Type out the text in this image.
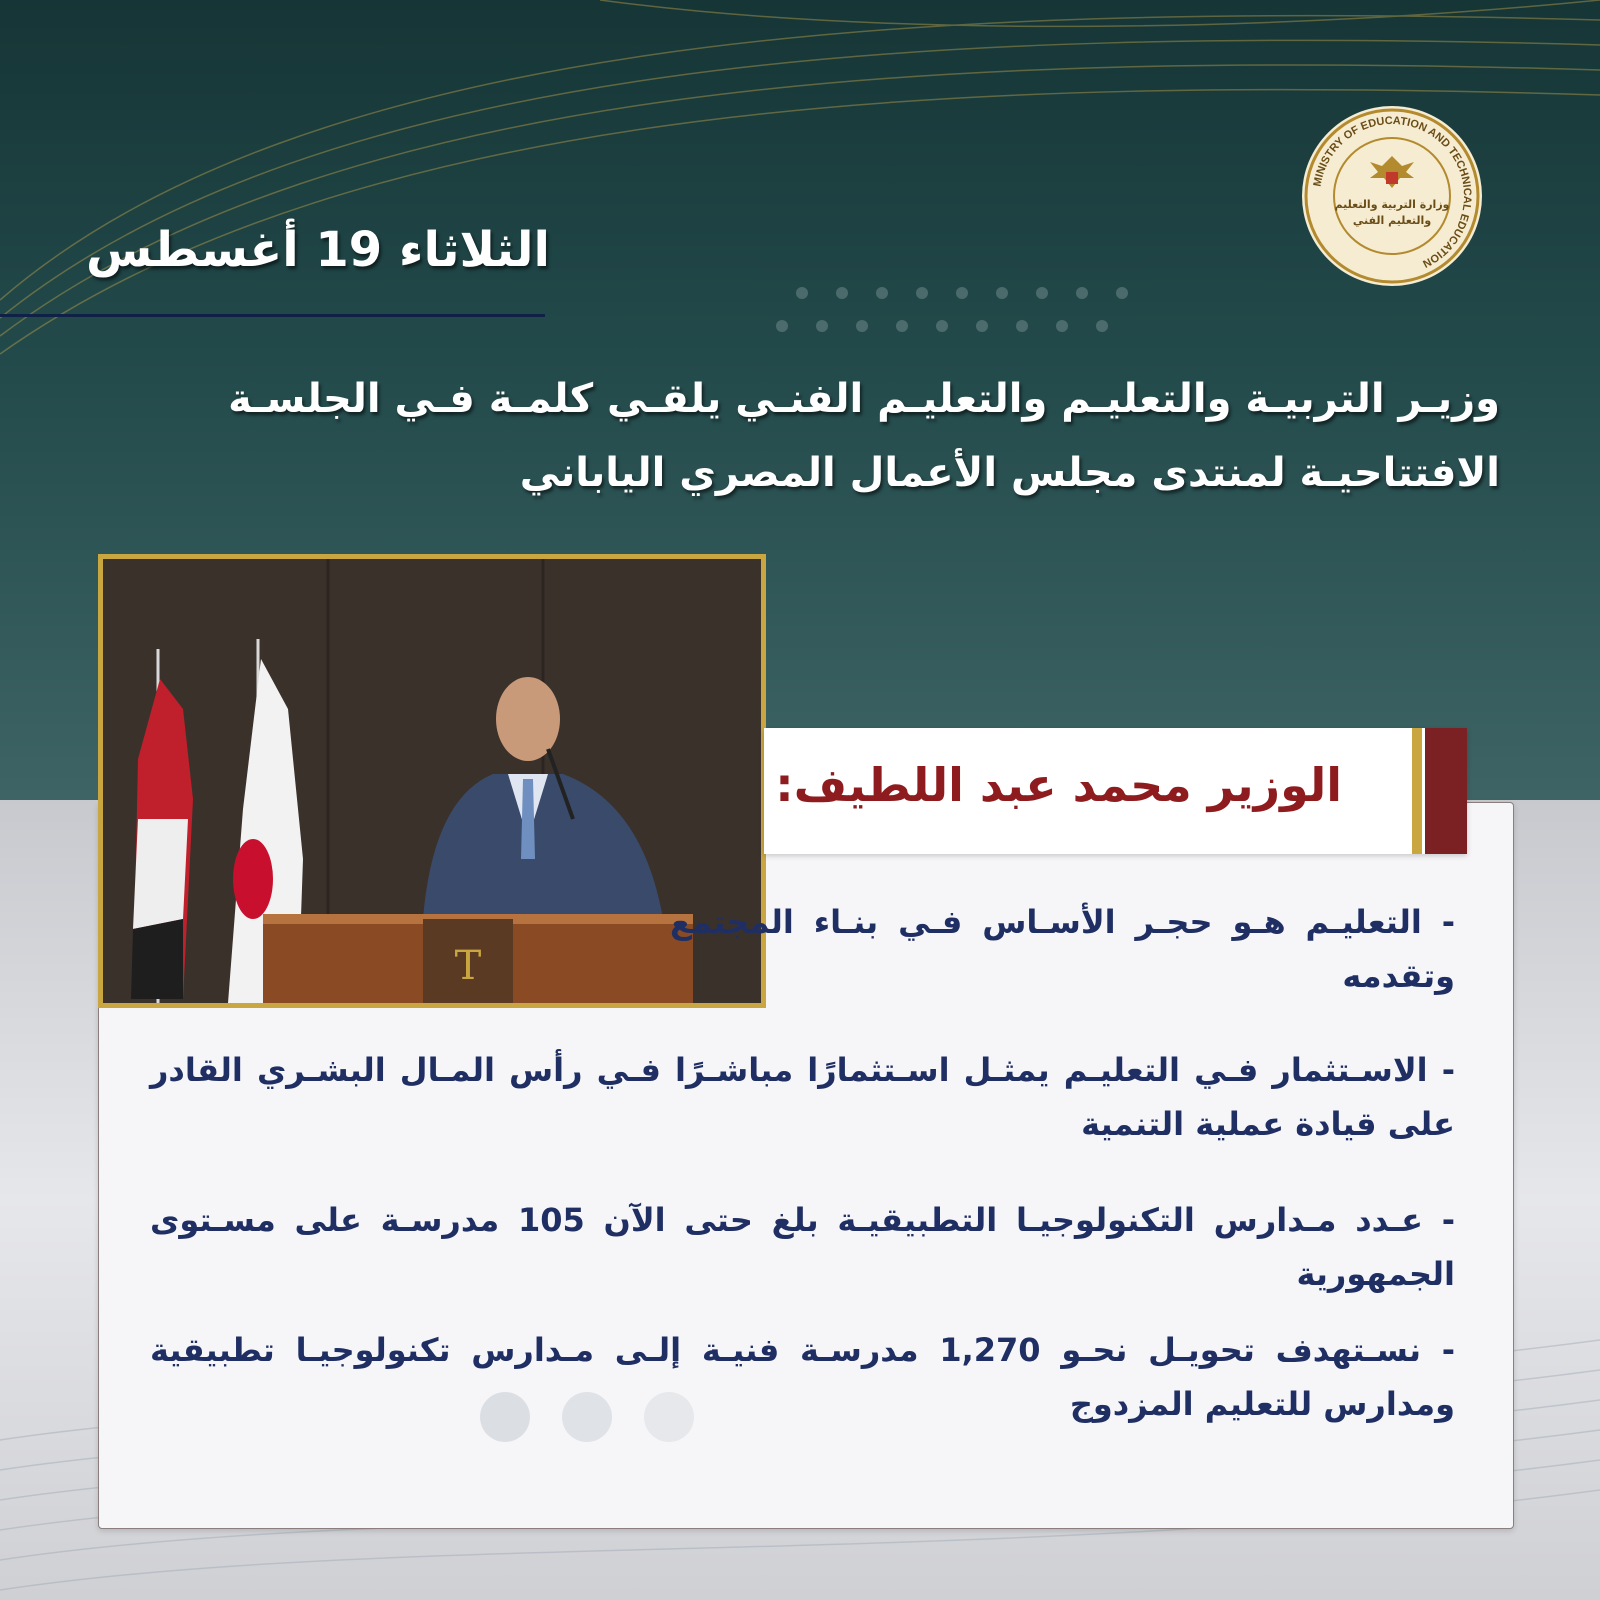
MINISTRY OF EDUCATION AND TECHNICAL EDUCATION
وزارة التربية والتعليم
والتعليم الفني
الثلاثاء 19 أغسطس
وزيـر التربيـة والتعليـم والتعليـم الفنـي يلقـي كلمـة فـي الجلسـة
الافتتاحيـة لمنتدى مجلس الأعمال المصري الياباني
T
الوزير محمد عبد اللطيف:

- التعليـم هـو حجـر الأسـاس فـي بنـاء المجتمع وتقدمه

- الاسـتثمار فـي التعليـم يمثـل اسـتثمارًا مباشـرًا فـي رأس المـال البشـري القادر على قيادة عملية التنمية

- عـدد مـدارس التكنولوجيـا التطبيقيـة بلغ حتى الآن 105 مدرسـة على مسـتوى الجمهورية

- نسـتهدف تحويـل نحـو 1,270 مدرسـة فنيـة إلـى مـدارس تكنولوجيـا تطبيقية ومدارس للتعليم المزدوج
